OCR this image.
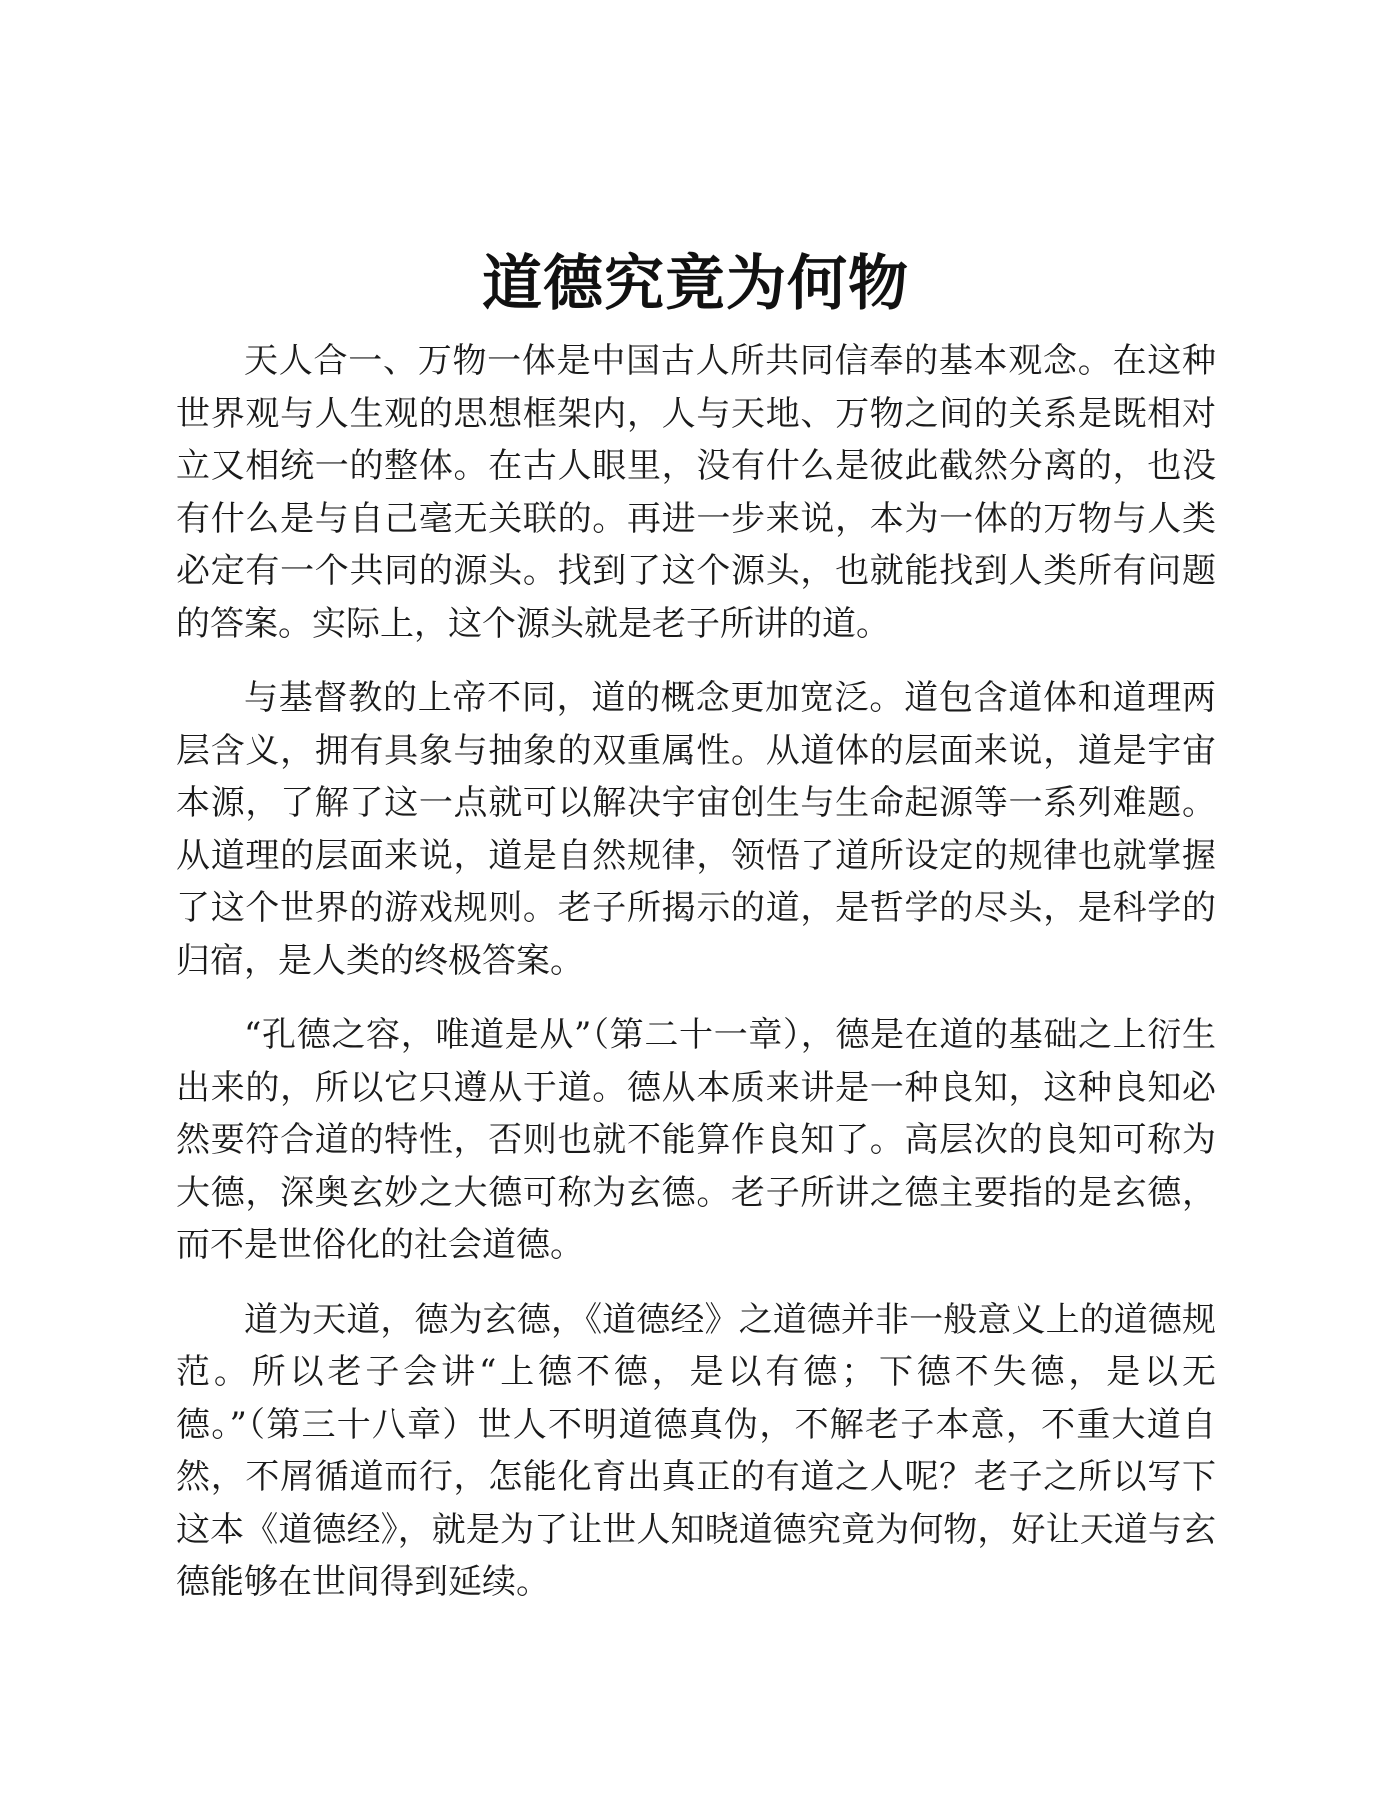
道德究竟为何物

天人合一、万物一体是中国古人所共同信奉的基本观念。在这种世界观与人生观的思想框架内，人与天地、万物之间的关系是既相对立又相统一的整体。在古人眼里，没有什么是彼此截然分离的，也没有什么是与自己毫无关联的。再进一步来说，本为一体的万物与人类必定有一个共同的源头。找到了这个源头，也就能找到人类所有问题的答案。实际上，这个源头就是老子所讲的道。

与基督教的上帝不同，道的概念更加宽泛。道包含道体和道理两层含义，拥有具象与抽象的双重属性。从道体的层面来说，道是宇宙本源，了解了这一点就可以解决宇宙创生与生命起源等一系列难题。从道理的层面来说，道是自然规律，领悟了道所设定的规律也就掌握了这个世界的游戏规则。老子所揭示的道，是哲学的尽头，是科学的归宿，是人类的终极答案。

“孔德之容，唯道是从”（第二十一章），德是在道的基础之上衍生出来的，所以它只遵从于道。德从本质来讲是一种良知，这种良知必然要符合道的特性，否则也就不能算作良知了。高层次的良知可称为大德，深奥玄妙之大德可称为玄德。老子所讲之德主要指的是玄德，而不是世俗化的社会道德。

道为天道，德为玄德，《道德经》之道德并非一般意义上的道德规范。所以老子会讲“上德不德，是以有德；下德不失德，是以无德。”（第三十八章）世人不明道德真伪，不解老子本意，不重大道自然，不屑循道而行，怎能化育出真正的有道之人呢？老子之所以写下这本《道德经》，就是为了让世人知晓道德究竟为何物，好让天道与玄德能够在世间得到延续。
